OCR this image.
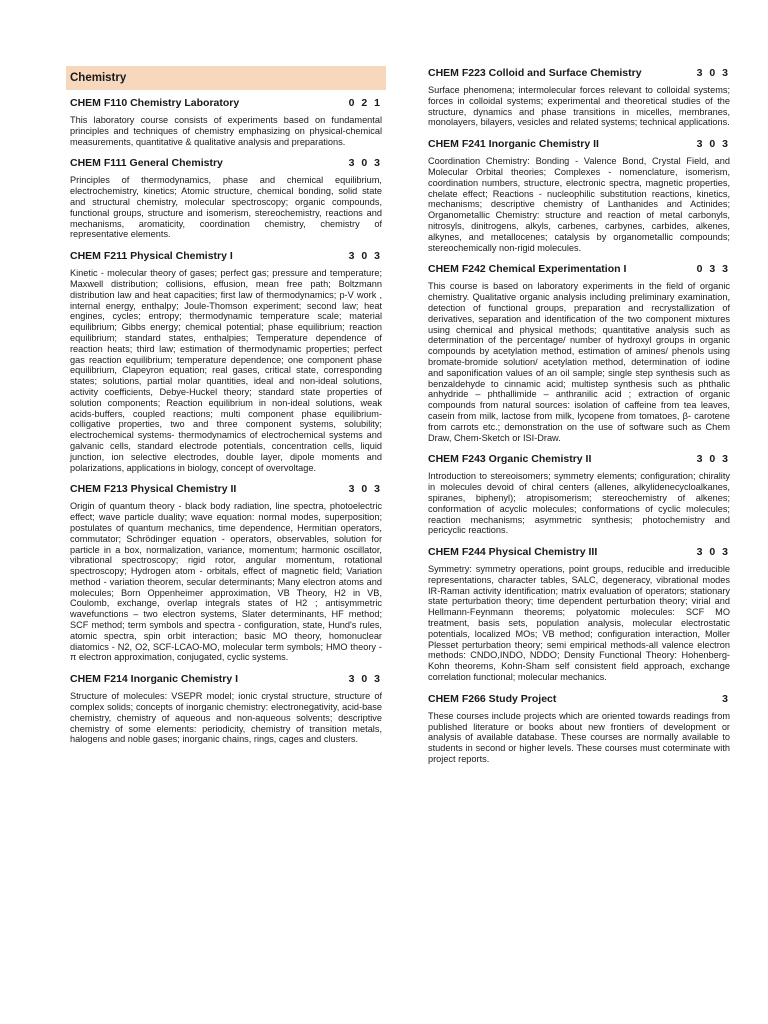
Chemistry
CHEM F110 Chemistry Laboratory	0 2 1
This laboratory course consists of experiments based on fundamental principles and techniques of chemistry emphasizing on physical-chemical measurements, quantitative & qualitative analysis and preparations.
CHEM F111 General Chemistry	3 0 3
Principles of thermodynamics, phase and chemical equilibrium, electrochemistry, kinetics; Atomic structure, chemical bonding, solid state and structural chemistry, molecular spectroscopy; organic compounds, functional groups, structure and isomerism, stereochemistry, reactions and mechanisms, aromaticity, coordination chemistry, chemistry of representative elements.
CHEM F211 Physical Chemistry I	3 0 3
Kinetic - molecular theory of gases; perfect gas; pressure and temperature; Maxwell distribution; collisions, effusion, mean free path; Boltzmann distribution law and heat capacities; first law of thermodynamics; p-V work , internal energy, enthalpy; Joule-Thomson experiment; second law; heat engines, cycles; entropy; thermodynamic temperature scale; material equilibrium; Gibbs energy; chemical potential; phase equilibrium; reaction equilibrium; standard states, enthalpies; Temperature dependence of reaction heats; third law; estimation of thermodynamic properties; perfect gas reaction equilibrium; temperature dependence; one component phase equilibrium, Clapeyron equation; real gases, critical state, corresponding states; solutions, partial molar quantities, ideal and non-ideal solutions, activity coefficients, Debye-Huckel theory; standard state properties of solution components; Reaction equilibrium in non-ideal solutions, weak acids-buffers, coupled reactions; multi component phase equilibrium- colligative properties, two and three component systems, solubility; electrochemical systems- thermodynamics of electrochemical systems and galvanic cells, standard electrode potentials, concentration cells, liquid junction, ion selective electrodes, double layer, dipole moments and polarizations, applications in biology, concept of overvoltage.
CHEM F213 Physical Chemistry II	3 0 3
Origin of quantum theory - black body radiation, line spectra, photoelectric effect; wave particle duality; wave equation: normal modes, superposition; postulates of quantum mechanics, time dependence, Hermitian operators, commutator; Schrödinger equation - operators, observables, solution for particle in a box, normalization, variance, momentum; harmonic oscillator, vibrational spectroscopy; rigid rotor, angular momentum, rotational spectroscopy; Hydrogen atom - orbitals, effect of magnetic field; Variation method - variation theorem, secular determinants; Many electron atoms and molecules; Born Oppenheimer approximation, VB Theory, H2 in VB, Coulomb, exchange, overlap integrals states of H2 ; antisymmetric wavefunctions – two electron systems, Slater determinants, HF method; SCF method; term symbols and spectra - configuration, state, Hund's rules, atomic spectra, spin orbit interaction; basic MO theory, homonuclear diatomics - N2, O2, SCF-LCAO-MO, molecular term symbols; HMO theory - π electron approximation, conjugated, cyclic systems.
CHEM F214 Inorganic Chemistry I	3 0 3
Structure of molecules: VSEPR model; ionic crystal structure, structure of complex solids; concepts of inorganic chemistry: electronegativity, acid-base chemistry, chemistry of aqueous and non-aqueous solvents; descriptive chemistry of some elements: periodicity, chemistry of transition metals, halogens and noble gases; inorganic chains, rings, cages and clusters.
CHEM F223 Colloid and Surface Chemistry	3 0 3
Surface phenomena; intermolecular forces relevant to colloidal systems; forces in colloidal systems; experimental and theoretical studies of the structure, dynamics and phase transitions in micelles, membranes, monolayers, bilayers, vesicles and related systems; technical applications.
CHEM F241 Inorganic Chemistry II	3 0 3
Coordination Chemistry: Bonding - Valence Bond, Crystal Field, and Molecular Orbital theories; Complexes - nomenclature, isomerism, coordination numbers, structure, electronic spectra, magnetic properties, chelate effect; Reactions - nucleophilic substitution reactions, kinetics, mechanisms; descriptive chemistry of Lanthanides and Actinides; Organometallic Chemistry: structure and reaction of metal carbonyls, nitrosyls, dinitrogens, alkyls, carbenes, carbynes, carbides, alkenes, alkynes, and metallocenes; catalysis by organometallic compounds; stereochemically non-rigid molecules.
CHEM F242 Chemical Experimentation I	0 3 3
This course is based on laboratory experiments in the field of organic chemistry. Qualitative organic analysis including preliminary examination, detection of functional groups, preparation and recrystallization of derivatives, separation and identification of the two component mixtures using chemical and physical methods; quantitative analysis such as determination of the percentage/ number of hydroxyl groups in organic compounds by acetylation method, estimation of amines/ phenols using bromate-bromide solution/ acetylation method, determination of iodine and saponification values of an oil sample; single step synthesis such as benzaldehyde to cinnamic acid; multistep synthesis such as phthalic anhydride – phthallimide – anthranilic acid ; extraction of organic compounds from natural sources: isolation of caffeine from tea leaves, casein from milk, lactose from milk, lycopene from tomatoes, β- carotene from carrots etc.; demonstration on the use of software such as Chem Draw, Chem-Sketch or ISI-Draw.
CHEM F243 Organic Chemistry II	3 0 3
Introduction to stereoisomers; symmetry elements; configuration; chirality in molecules devoid of chiral centers (allenes, alkylidenecycloalkanes, spiranes, biphenyl); atropisomerism; stereochemistry of alkenes; conformation of acyclic molecules; conformations of cyclic molecules; reaction mechanisms; asymmetric synthesis; photochemistry and pericyclic reactions.
CHEM F244 Physical Chemistry III	3 0 3
Symmetry: symmetry operations, point groups, reducible and irreducible representations, character tables, SALC, degeneracy, vibrational modes IR-Raman activity identification; matrix evaluation of operators; stationary state perturbation theory; time dependent perturbation theory; virial and Hellmann-Feynmann theorems; polyatomic molecules: SCF MO treatment, basis sets, population analysis, molecular electrostatic potentials, localized MOs; VB method; configuration interaction, Moller Plesset perturbation theory; semi empirical methods-all valence electron methods: CNDO,INDO, NDDO; Density Functional Theory: Hohenberg-Kohn theorems, Kohn-Sham self consistent field approach, exchange correlation functional; molecular mechanics.
CHEM F266 Study Project	3
These courses include projects which are oriented towards readings from published literature or books about new frontiers of development or analysis of available database. These courses are normally available to students in second or higher levels. These courses must coterminate with project reports.
